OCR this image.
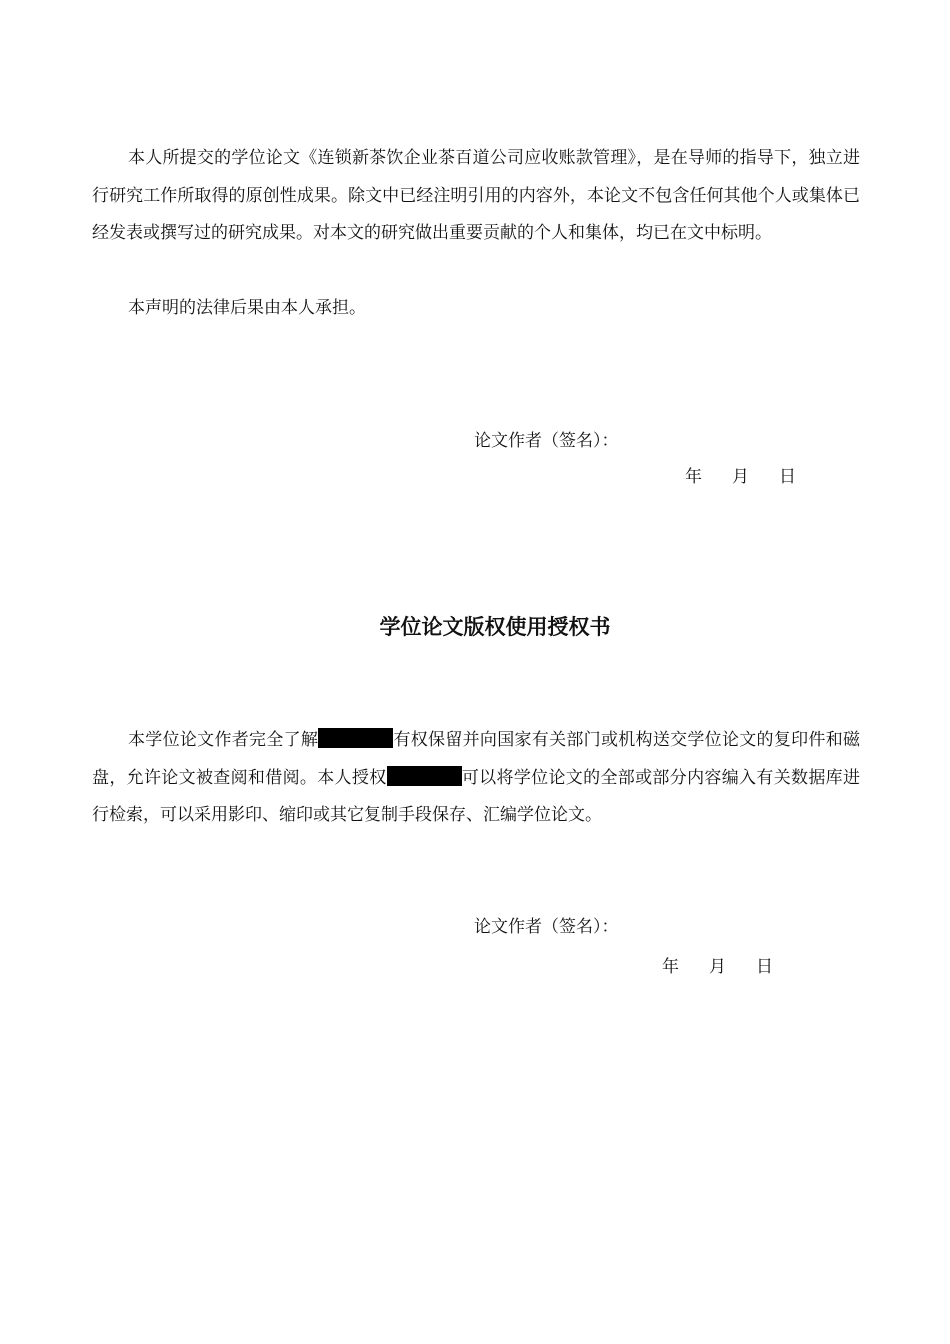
本人所提交的学位论文《连锁新茶饮企业茶百道公司应收账款管理》，是在导师的指导下，独立进行研究工作所取得的原创性成果。除文中已经注明引用的内容外，本论文不包含任何其他个人或集体已经发表或撰写过的研究成果。对本文的研究做出重要贡献的个人和集体，均已在文中标明。

本声明的法律后果由本人承担。

论文作者（签名）：

年 月 日

学位论文版权使用授权书

本学位论文作者完全了解	有权保留并向国家有关部门或机构送交学位论文的复印件和磁盘，允许论文被查阅和借阅。本人授权	可以将学位论文的全部或部分内容编入有关数据库进行检索，可以采用影印、缩印或其它复制手段保存、汇编学位论文。

论文作者（签名）：

年 月 日
